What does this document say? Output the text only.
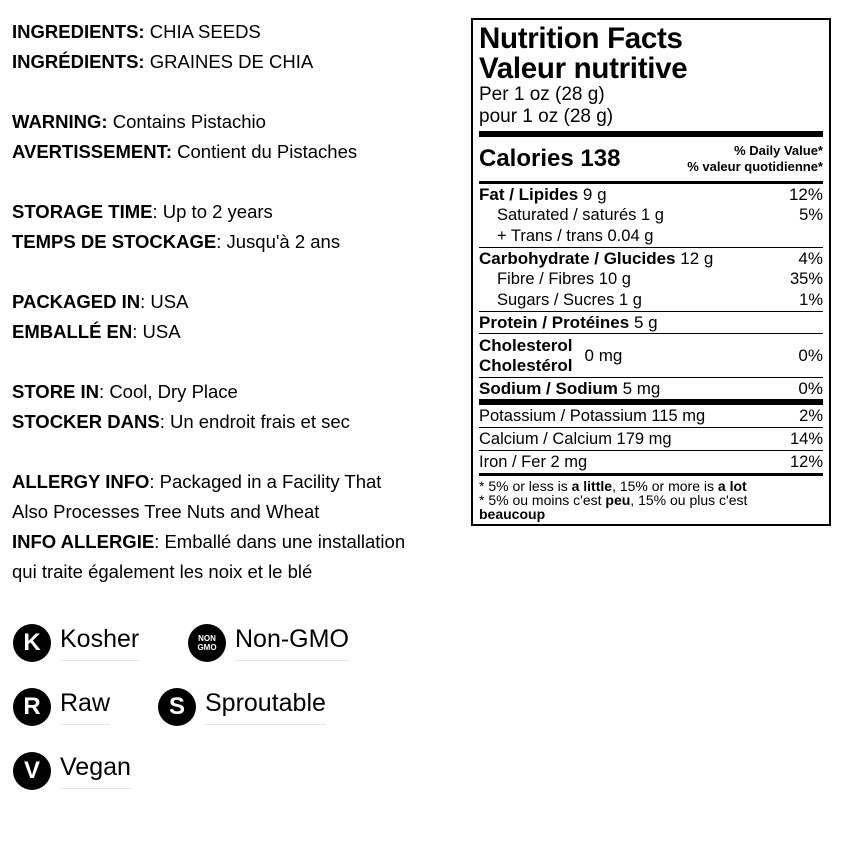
INGREDIENTS: CHIA SEEDS
INGRÉDIENTS: GRAINES DE CHIA
WARNING: Contains Pistachio
AVERTISSEMENT: Contient du Pistaches
STORAGE TIME: Up to 2 years
TEMPS DE STOCKAGE: Jusqu'à 2 ans
PACKAGED IN: USA
EMBALLÉ EN: USA
STORE IN: Cool, Dry Place
STOCKER DANS: Un endroit frais et sec
ALLERGY INFO: Packaged in a Facility That
Also Processes Tree Nuts and Wheat
INFO ALLERGIE: Emballé dans une installation
qui traite également les noix et le blé
K Kosher	NON
GMO Non-GMO
R Raw	S Sproutable
V Vegan
Nutrition Facts
Valeur nutritive
Per 1 oz (28 g)
pour 1 oz (28 g)
Calories 138	% Daily Value*
% valeur quotidienne*
Fat / Lipides 9 g	12%
Saturated / saturés 1 g	5%
+ Trans / trans 0.04 g
Carbohydrate / Glucides 12 g	4%
Fibre / Fibres 10 g	35%
Sugars / Sucres 1 g	1%
Protein / Protéines 5 g
Cholesterol
Cholestérol
0 mg	0%
Sodium / Sodium 5 mg	0%
Potassium / Potassium 115 mg	2%
Calcium / Calcium 179 mg	14%
Iron / Fer 2 mg	12%
* 5% or less is a little, 15% or more is a lot
* 5% ou moins c'est peu, 15% ou plus c'est
beaucoup
